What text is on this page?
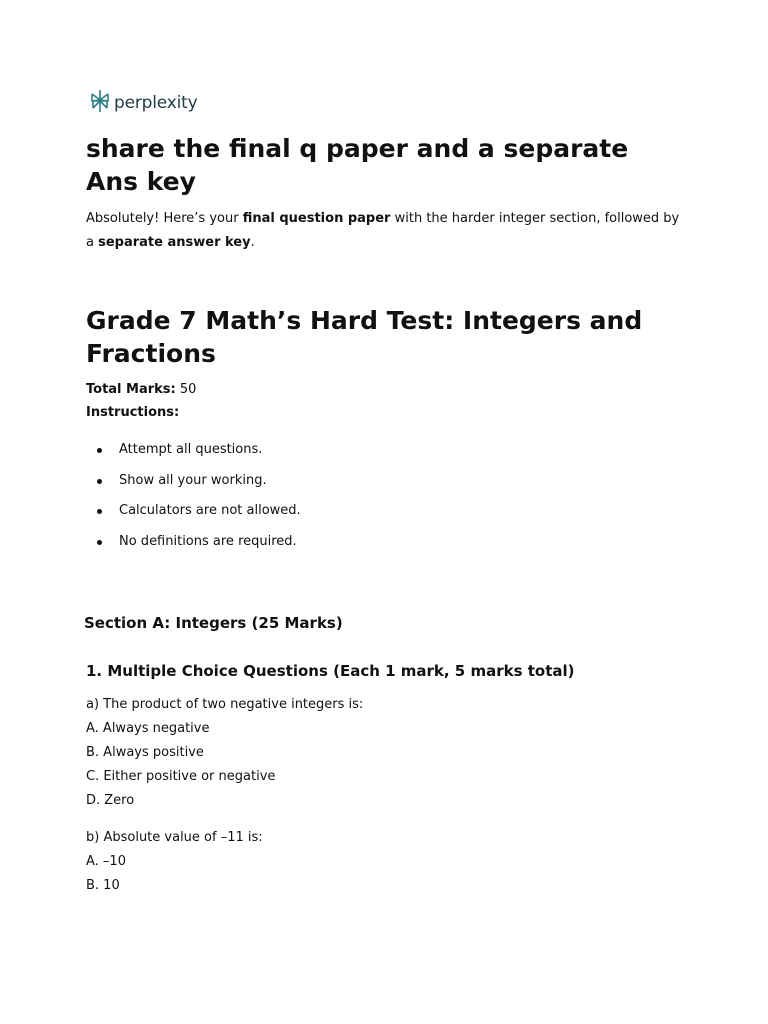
perplexity
share the final q paper and a separate Ans key

Absolutely! Here’s your final question paper with the harder integer section, followed by a separate answer key.

Grade 7 Math’s Hard Test: Integers and Fractions

Total Marks: 50

Instructions:

Attempt all questions.
Show all your working.
Calculators are not allowed.
No definitions are required.
Section A: Integers (25 Marks)
1. Multiple Choice Questions (Each 1 mark, 5 marks total)
a) The product of two negative integers is:
A. Always negative
B. Always positive
C. Either positive or negative
D. Zero
b) Absolute value of –11 is:
A. –10
B. 10
